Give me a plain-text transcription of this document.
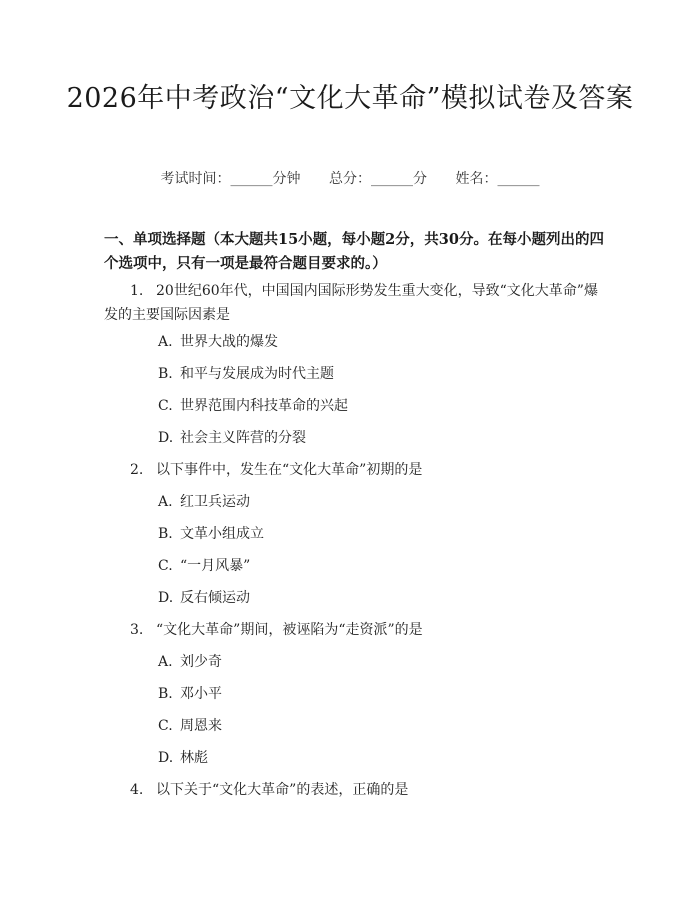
2026年中考政治“文化大革命”模拟试卷及答案
考试时间：______分钟 总分：______分 姓名：______
一、单项选择题（本大题共15小题，每小题2分，共30分。在每小题列出的四个选项中，只有一项是最符合题目要求的。）
1. 20世纪60年代，中国国内国际形势发生重大变化，导致“文化大革命”爆发的主要国际因素是
A. 世界大战的爆发
B. 和平与发展成为时代主题
C. 世界范围内科技革命的兴起
D. 社会主义阵营的分裂
2. 以下事件中，发生在“文化大革命”初期的是
A. 红卫兵运动
B. 文革小组成立
C. “一月风暴”
D. 反右倾运动
3. “文化大革命”期间，被诬陷为“走资派”的是
A. 刘少奇
B. 邓小平
C. 周恩来
D. 林彪
4. 以下关于“文化大革命”的表述，正确的是
